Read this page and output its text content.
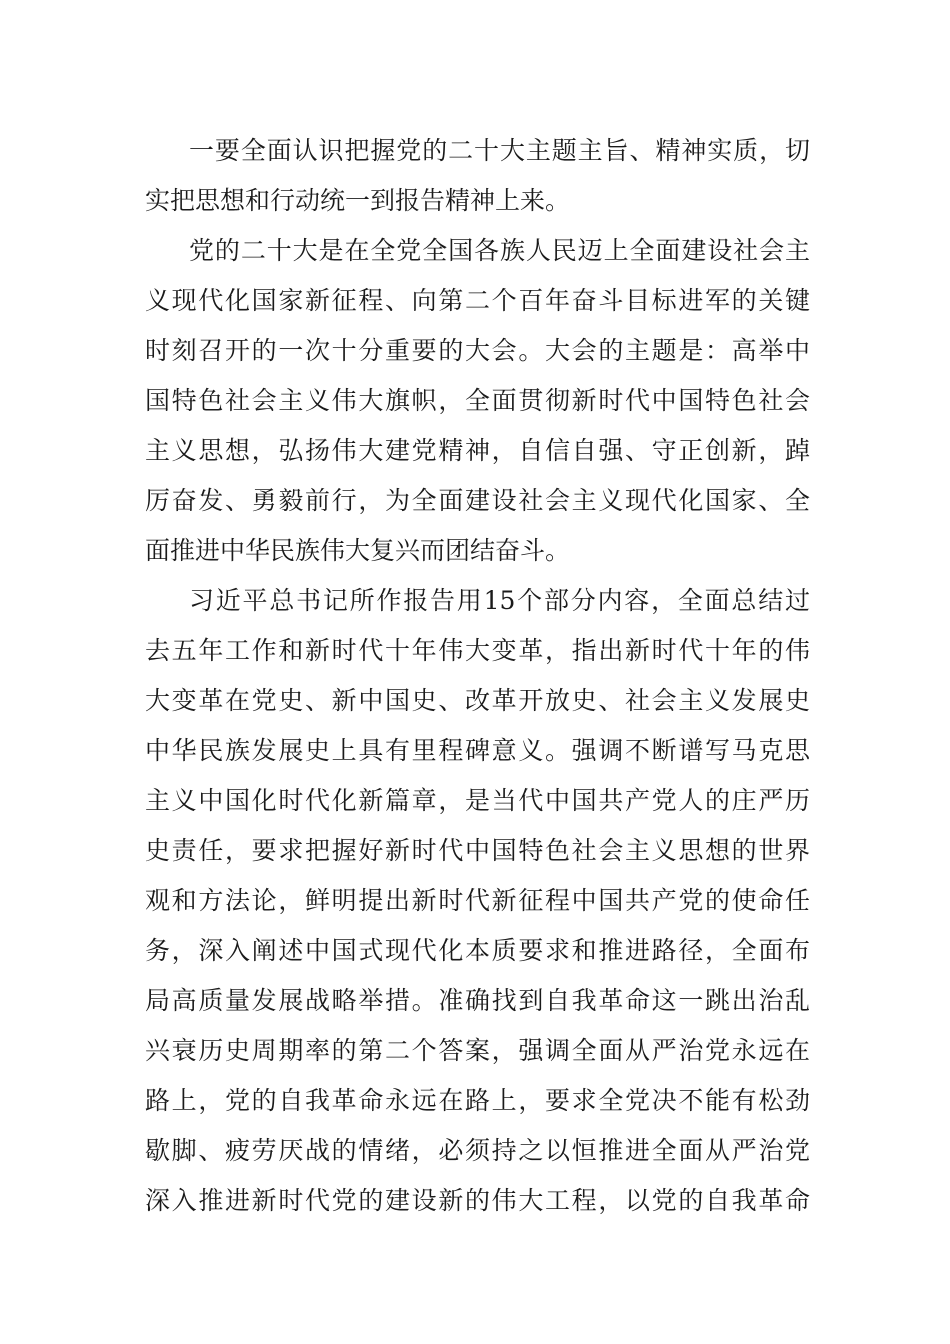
一要全面认识把握党的二十大主题主旨、精神实质，切
实把思想和行动统一到报告精神上来。
党的二十大是在全党全国各族人民迈上全面建设社会主
义现代化国家新征程、向第二个百年奋斗目标进军的关键
时刻召开的一次十分重要的大会。大会的主题是：高举中
国特色社会主义伟大旗帜，全面贯彻新时代中国特色社会
主义思想，弘扬伟大建党精神，自信自强、守正创新，踔
厉奋发、勇毅前行，为全面建设社会主义现代化国家、全
面推进中华民族伟大复兴而团结奋斗。
习近平总书记所作报告用15个部分内容，全面总结过
去五年工作和新时代十年伟大变革，指出新时代十年的伟
大变革在党史、新中国史、改革开放史、社会主义发展史
中华民族发展史上具有里程碑意义。强调不断谱写马克思
主义中国化时代化新篇章，是当代中国共产党人的庄严历
史责任，要求把握好新时代中国特色社会主义思想的世界
观和方法论，鲜明提出新时代新征程中国共产党的使命任
务，深入阐述中国式现代化本质要求和推进路径，全面布
局高质量发展战略举措。准确找到自我革命这一跳出治乱
兴衰历史周期率的第二个答案，强调全面从严治党永远在
路上，党的自我革命永远在路上，要求全党决不能有松劲
歇脚、疲劳厌战的情绪，必须持之以恒推进全面从严治党
深入推进新时代党的建设新的伟大工程，以党的自我革命
